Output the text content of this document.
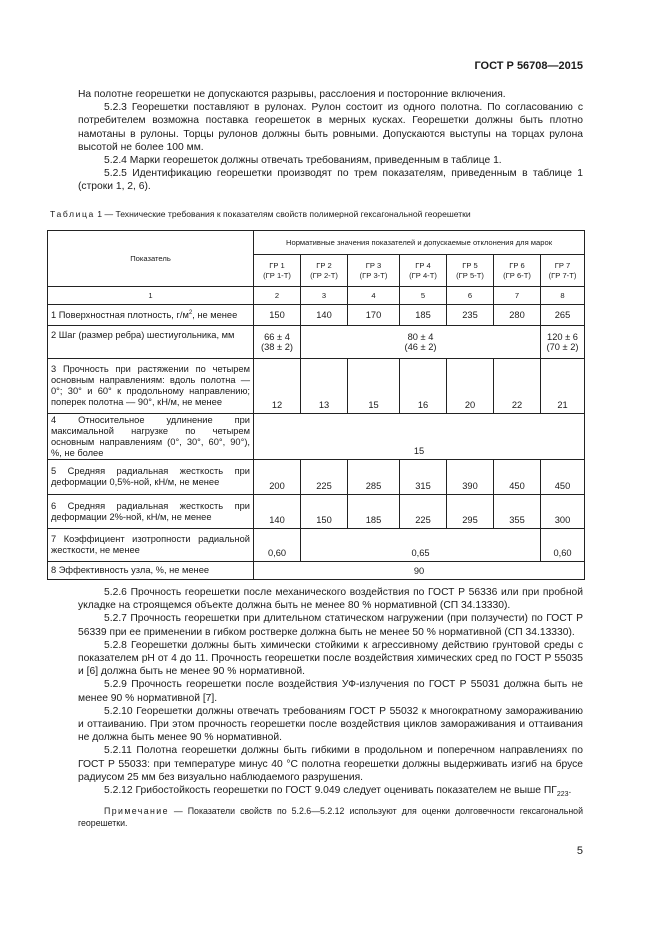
ГОСТ Р 56708—2015

На полотне георешетки не допускаются разрывы, расслоения и посторонние включения.

5.2.3 Георешетки поставляют в рулонах. Рулон состоит из одного полотна. По согласованию с потребителем возможна поставка георешеток в мерных кусках. Георешетки должны быть плотно намотаны в рулоны. Торцы рулонов должны быть ровными. Допускаются выступы на торцах рулона высотой не более 100 мм.

5.2.4 Марки георешеток должны отвечать требованиям, приведенным в таблице 1.

5.2.5 Идентификацию георешетки производят по трем показателям, приведенным в таблице 1 (строки 1, 2, 6).

Таблица 1 — Технические требования к показателям свойств полимерной гексагональной георешетки
Показатель	Нормативные значения показателей и допускаемые отклонения для марок						
	ГР 1
(ГР 1-Т)	ГР 2
(ГР 2-Т)	ГР 3
(ГР 3-Т)	ГР 4
(ГР 4-Т)	ГР 5
(ГР 5-Т)	ГР 6
(ГР 6-Т)	ГР 7
(ГР 7-Т)
1	2	3	4	5	6	7	8
1 Поверхностная плотность, $г/м^2$, не менее	150	140	170	185	235	280	265
2 Шаг (размер ребра) шестиугольника, мм	66 ± 4
(38 ± 2)	80 ± 4
(46 ± 2)					120 ± 6
(70 ± 2)
3 Прочность при растяжении по четырем основным направлениям: вдоль полотна — 0°; 30° и 60° к продольному направлению; поперек полотна — 90°, кН/м, не менее	12	13	15	16	20	22	21
4 Относительное удлинение при максимальной нагрузке по четырем основным направлениям (0°, 30°, 60°, 90°), %, не более	15						
5 Средняя радиальная жесткость при деформации 0,5%-ной, кН/м, не менее	200	225	285	315	390	450	450
6 Средняя радиальная жесткость при деформации 2%-ной, кН/м, не менее	140	150	185	225	295	355	300
7 Коэффициент изотропности радиальной жесткости, не менее	0,60	0,65					0,60
8 Эффективность узла, %, не менее	90						

5.2.6 Прочность георешетки после механического воздействия по ГОСТ Р 56336 или при пробной укладке на строящемся объекте должна быть не менее 80 % нормативной (СП 34.13330).

5.2.7 Прочность георешетки при длительном статическом нагружении (при ползучести) по ГОСТ Р 56339 при ее применении в гибком ростверке должна быть не менее 50 % нормативной (СП 34.13330).

5.2.8 Георешетки должны быть химически стойкими к агрессивному действию грунтовой среды с показателем pH от 4 до 11. Прочность георешетки после воздействия химических сред по ГОСТ Р 55035 и [6] должна быть не менее 90 % нормативной.

5.2.9 Прочность георешетки после воздействия УФ-излучения по ГОСТ Р 55031 должна быть не менее 90 % нормативной [7].

5.2.10 Георешетки должны отвечать требованиям ГОСТ Р 55032 к многократному замораживанию и оттаиванию. При этом прочность георешетки после воздействия циклов замораживания и оттаивания не должна быть менее 90 % нормативной.

5.2.11 Полотна георешетки должны быть гибкими в продольном и поперечном направлениях по ГОСТ Р 55033: при температуре минус 40 °С полотна георешетки должны выдерживать изгиб на брусе радиусом 25 мм без визуально наблюдаемого разрушения.

5.2.12 Грибостойкость георешетки по ГОСТ 9.049 следует оценивать показателем не выше $ПГ_{223}$.

Примечание — Показатели свойств по 5.2.6—5.2.12 используют для оценки долговечности гексагональной георешетки.

5
